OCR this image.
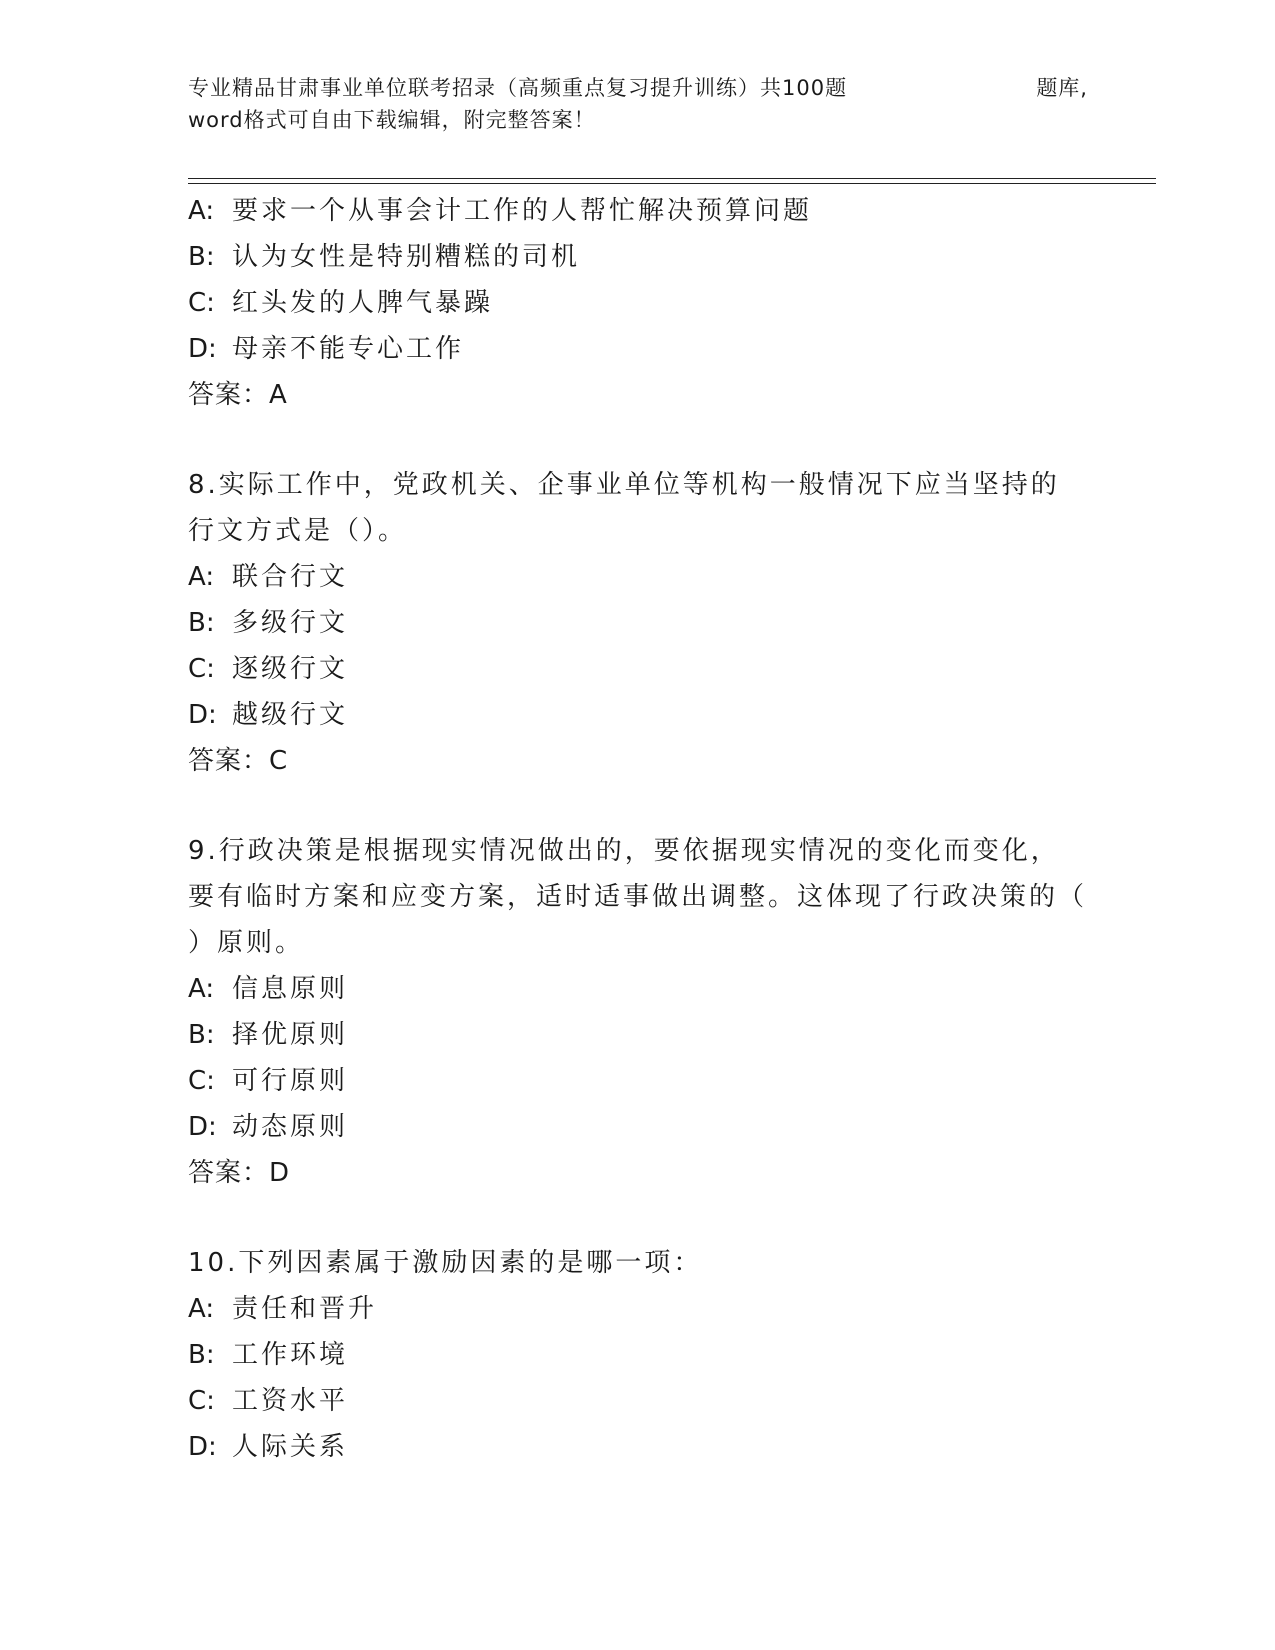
专业精品甘肃事业单位联考招录（高频重点复习提升训练）共100题	题库,
word格式可自由下载编辑，附完整答案！
A: 要求一个从事会计工作的人帮忙解决预算问题
B: 认为女性是特别糟糕的司机
C: 红头发的人脾气暴躁
D: 母亲不能专心工作
答案：A
8.实际工作中，党政机关、企事业单位等机构一般情况下应当坚持的行文方式是（）。
A: 联合行文
B: 多级行文
C: 逐级行文
D: 越级行文
答案：C
9.行政决策是根据现实情况做出的，要依据现实情况的变化而变化，要有临时方案和应变方案，适时适事做出调整。这体现了行政决策的（　　）原则。
A: 信息原则
B: 择优原则
C: 可行原则
D: 动态原则
答案：D
10.下列因素属于激励因素的是哪一项：
A: 责任和晋升
B: 工作环境
C: 工资水平
D: 人际关系
